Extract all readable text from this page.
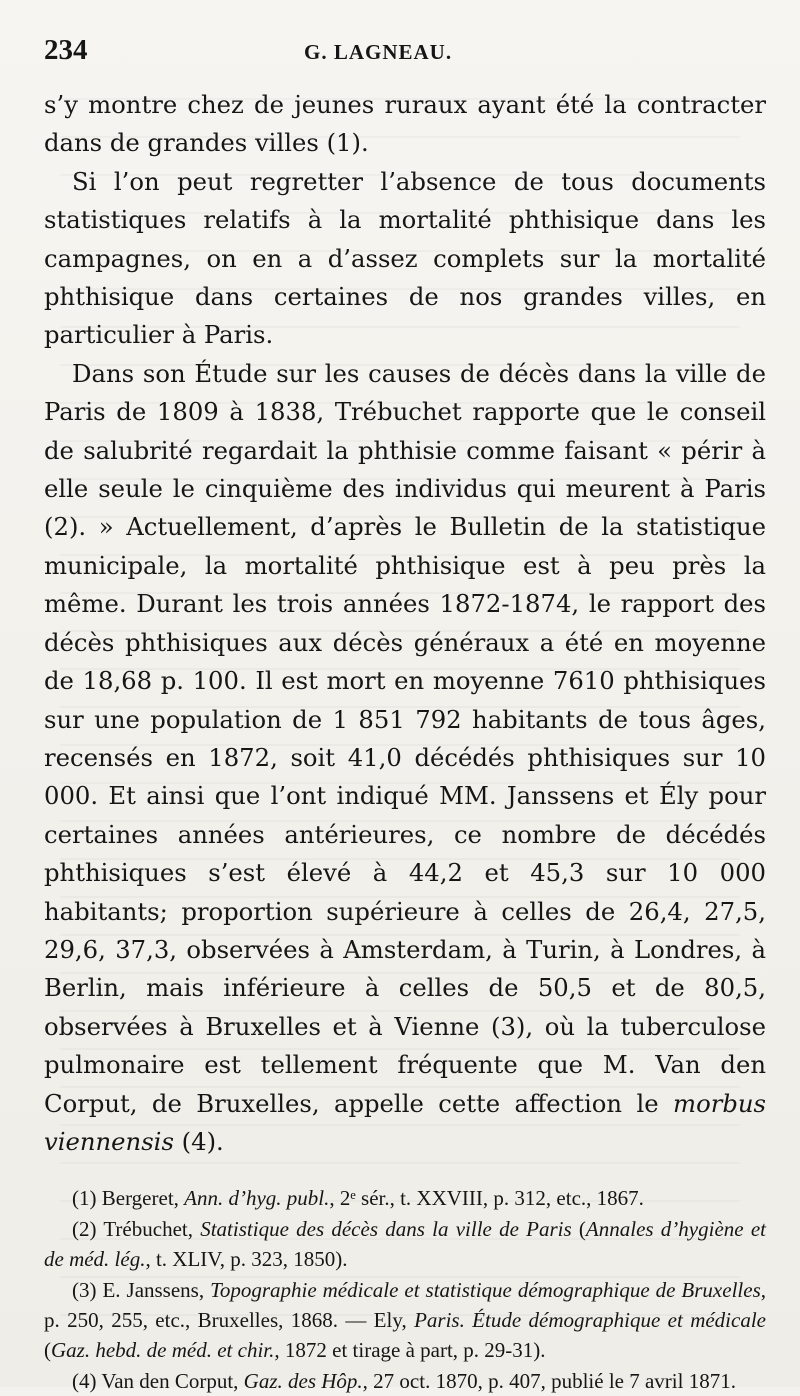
234	G. LAGNEAU.

s’y montre chez de jeunes ruraux ayant été la contracter dans de grandes villes (1).

Si l’on peut regretter l’absence de tous documents statistiques relatifs à la mortalité phthisique dans les campagnes, on en a d’assez complets sur la mortalité phthisique dans certaines de nos grandes villes, en particulier à Paris.

Dans son Étude sur les causes de décès dans la ville de Paris de 1809 à 1838, Trébuchet rapporte que le conseil de salubrité regardait la phthisie comme faisant « périr à elle seule le cinquième des individus qui meurent à Paris (2). » Actuellement, d’après le Bulletin de la statistique municipale, la mortalité phthisique est à peu près la même. Durant les trois années 1872-1874, le rapport des décès phthisiques aux décès généraux a été en moyenne de 18,68 p. 100. Il est mort en moyenne 7610 phthisiques sur une population de 1 851 792 habitants de tous âges, recensés en 1872, soit 41,0 décédés phthisiques sur 10 000. Et ainsi que l’ont indiqué MM. Janssens et Ély pour certaines années antérieures, ce nombre de décédés phthisiques s’est élevé à 44,2 et 45,3 sur 10 000 habitants; proportion supérieure à celles de 26,4, 27,5, 29,6, 37,3, observées à Amsterdam, à Turin, à Londres, à Berlin, mais inférieure à celles de 50,5 et de 80,5, observées à Bruxelles et à Vienne (3), où la tuberculose pulmonaire est tellement fréquente que M. Van den Corput, de Bruxelles, appelle cette affection le morbus viennensis (4).

(1) Bergeret, Ann. d’hyg. publ., 2ᵉ sér., t. XXVIII, p. 312, etc., 1867.

(2) Trébuchet, Statistique des décès dans la ville de Paris (Annales d’hygiène et de méd. lég., t. XLIV, p. 323, 1850).

(3) E. Janssens, Topographie médicale et statistique démographique de Bruxelles, p. 250, 255, etc., Bruxelles, 1868. — Ely, Paris. Étude démographique et médicale (Gaz. hebd. de méd. et chir., 1872 et tirage à part, p. 29-31).

(4) Van den Corput, Gaz. des Hôp., 27 oct. 1870, p. 407, publié le 7 avril 1871.
